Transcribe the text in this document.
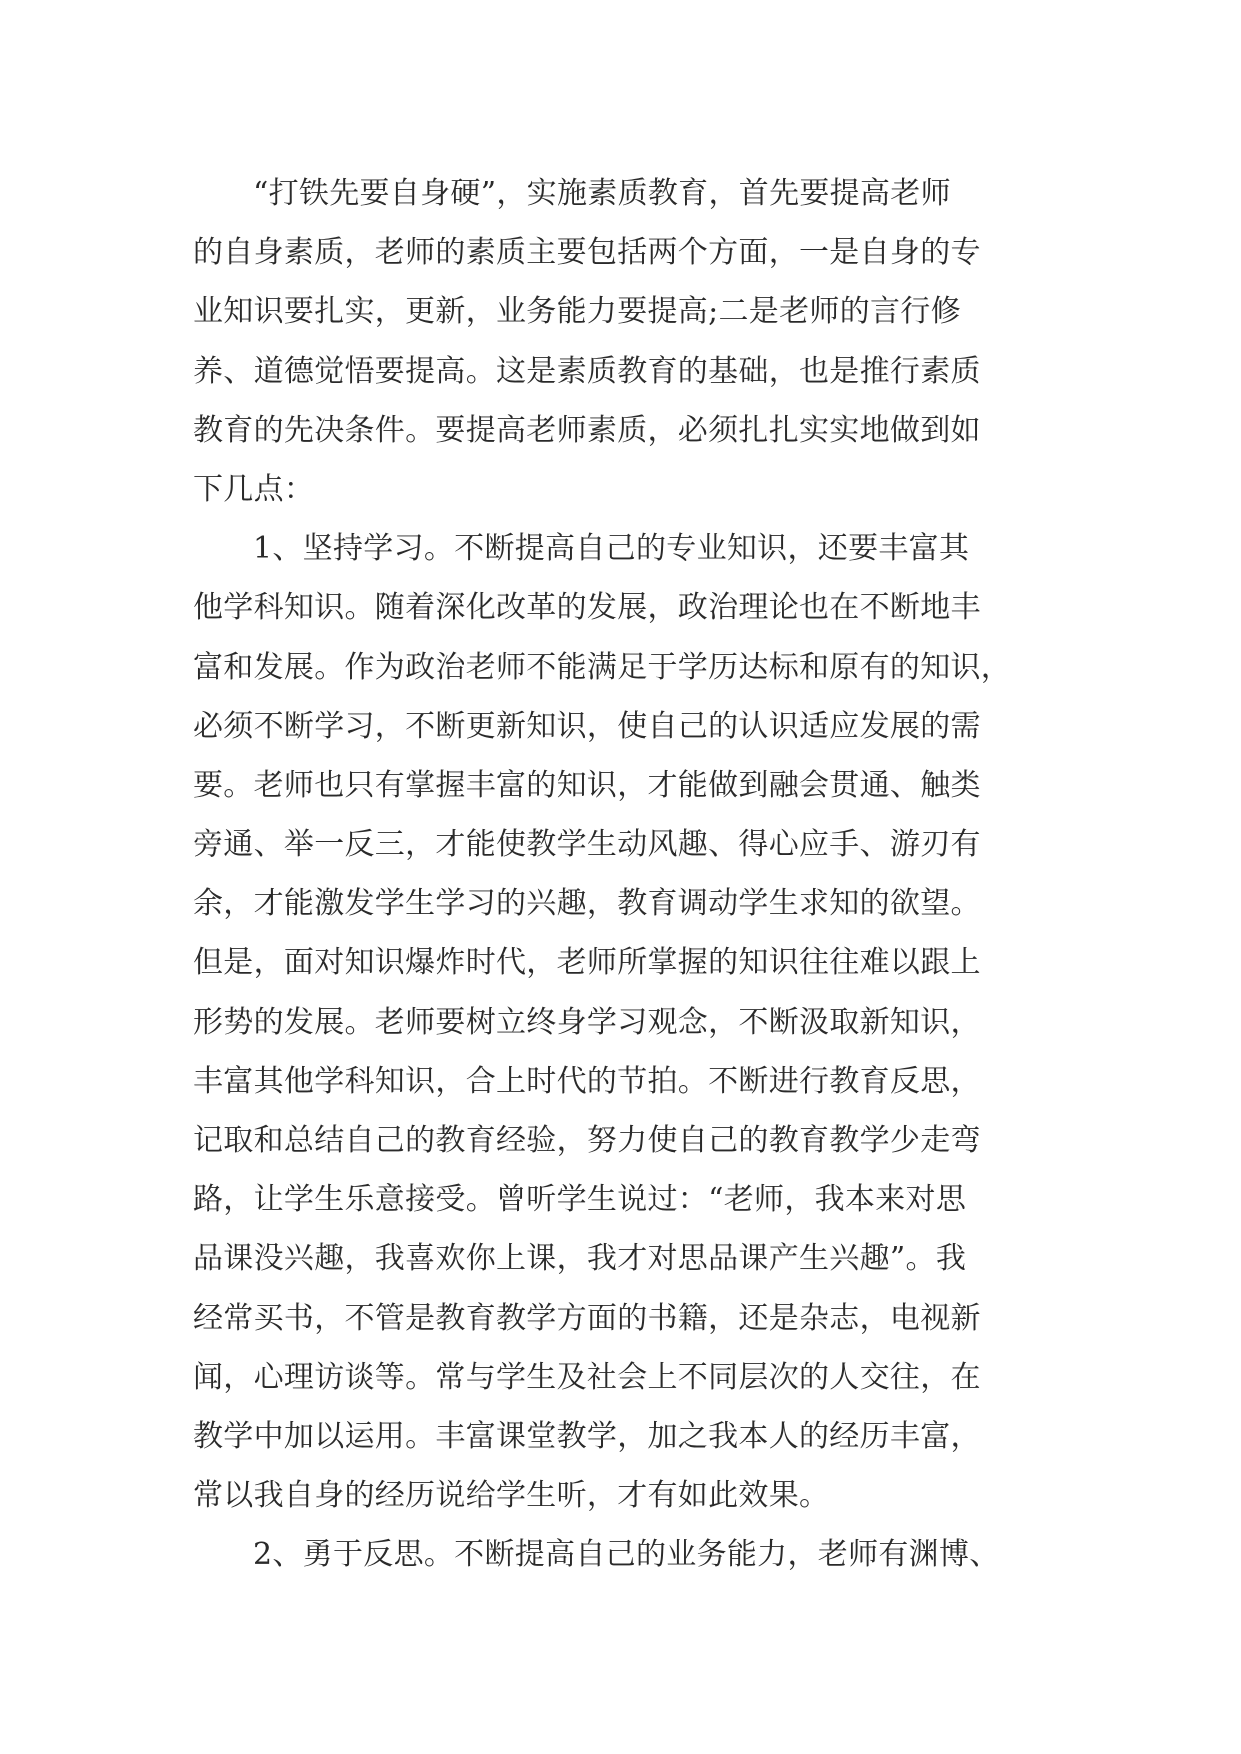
“打铁先要自身硬”，实施素质教育，首先要提高老师
的自身素质，老师的素质主要包括两个方面，一是自身的专
业知识要扎实，更新，业务能力要提高;二是老师的言行修
养、道德觉悟要提高。这是素质教育的基础，也是推行素质
教育的先决条件。要提高老师素质，必须扎扎实实地做到如
下几点：
1、坚持学习。不断提高自己的专业知识，还要丰富其
他学科知识。随着深化改革的发展，政治理论也在不断地丰
富和发展。作为政治老师不能满足于学历达标和原有的知识，
必须不断学习，不断更新知识，使自己的认识适应发展的需
要。老师也只有掌握丰富的知识，才能做到融会贯通、触类
旁通、举一反三，才能使教学生动风趣、得心应手、游刃有
余，才能激发学生学习的兴趣，教育调动学生求知的欲望。
但是，面对知识爆炸时代，老师所掌握的知识往往难以跟上
形势的发展。老师要树立终身学习观念，不断汲取新知识，
丰富其他学科知识，合上时代的节拍。不断进行教育反思，
记取和总结自己的教育经验，努力使自己的教育教学少走弯
路，让学生乐意接受。曾听学生说过：“老师，我本来对思
品课没兴趣，我喜欢你上课，我才对思品课产生兴趣”。我
经常买书，不管是教育教学方面的书籍，还是杂志，电视新
闻，心理访谈等。常与学生及社会上不同层次的人交往，在
教学中加以运用。丰富课堂教学，加之我本人的经历丰富，
常以我自身的经历说给学生听，才有如此效果。
2、勇于反思。不断提高自己的业务能力，老师有渊博、
